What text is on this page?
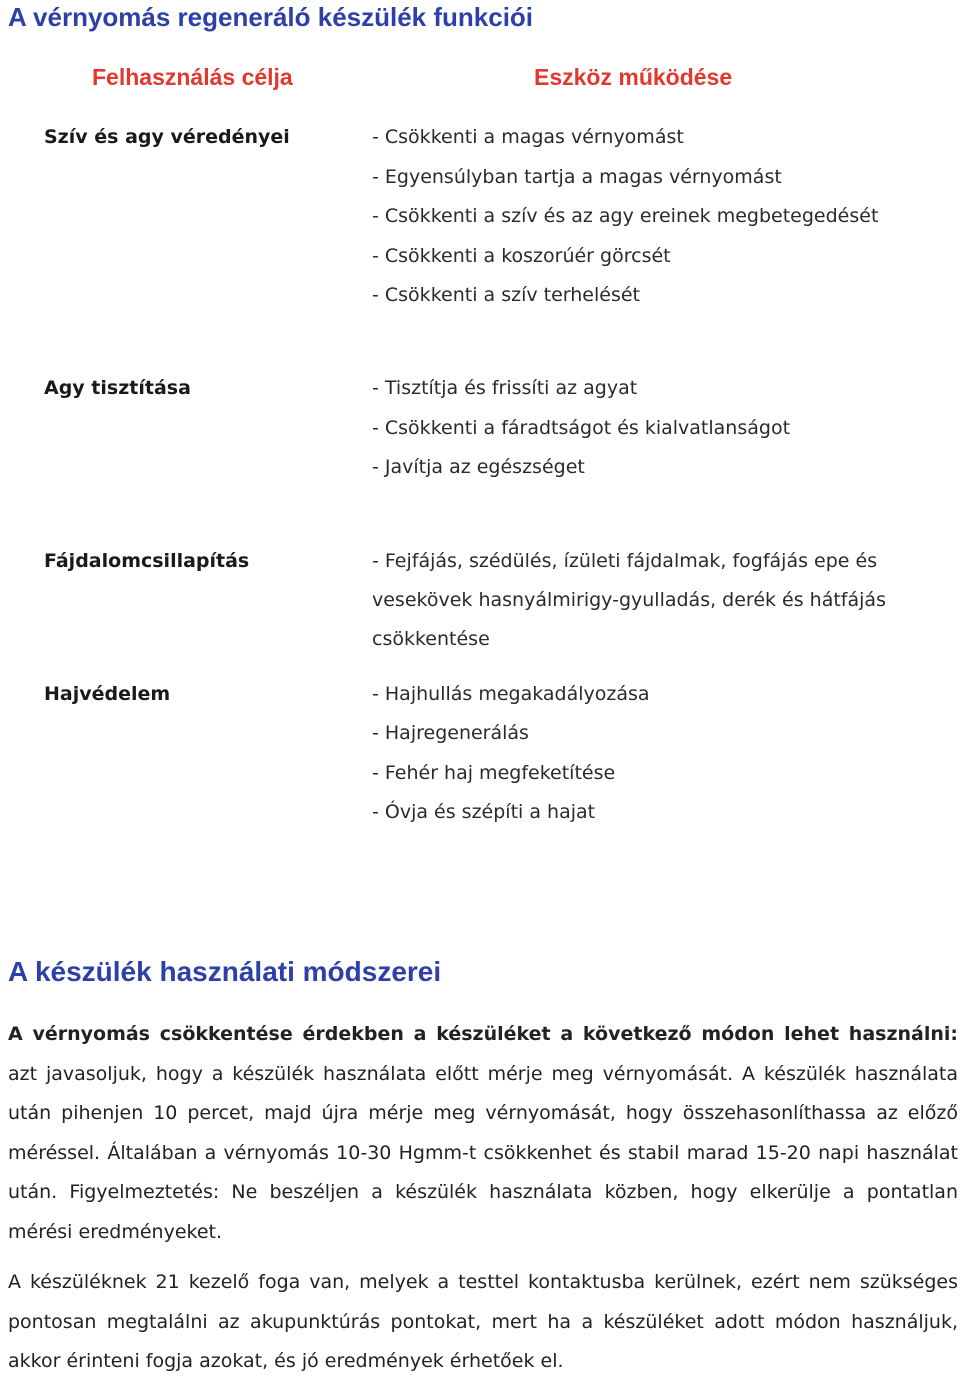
A vérnyomás regeneráló készülék funkciói
Felhasználás célja	Eszköz működése
Szív és agy véredényei	- Csökkenti a magas vérnyomást
- Egyensúlyban tartja a magas vérnyomást
- Csökkenti a szív és az agy ereinek megbetegedését
- Csökkenti a koszorúér görcsét
- Csökkenti a szív terhelését
Agy tisztítása	- Tisztítja és frissíti az agyat
- Csökkenti a fáradtságot és kialvatlanságot
- Javítja az egészséget
Fájdalomcsillapítás	- Fejfájás, szédülés, ízületi fájdalmak, fogfájás epe és
vesekövek hasnyálmirigy-gyulladás, derék és hátfájás
csökkentése
Hajvédelem	- Hajhullás megakadályozása
- Hajregenerálás
- Fehér haj megfeketítése
- Óvja és szépíti a hajat
A készülék használati módszerei
A vérnyomás csökkentése érdekben a készüléket a következő módon lehet használni: azt javasoljuk, hogy a készülék használata előtt mérje meg vérnyomását. A készülék használata után pihenjen 10 percet, majd újra mérje meg vérnyomását, hogy összehasonlíthassa az előző méréssel. Általában a vérnyomás 10-30 Hgmm-t csökkenhet és stabil marad 15-20 napi használat után. Figyelmeztetés: Ne beszéljen a készülék használata közben, hogy elkerülje a pontatlan mérési eredményeket.
A készüléknek 21 kezelő foga van, melyek a testtel kontaktusba kerülnek, ezért nem szükséges pontosan megtalálni az akupunktúrás pontokat, mert ha a készüléket adott módon használjuk, akkor érinteni fogja azokat, és jó eredmények érhetőek el.
